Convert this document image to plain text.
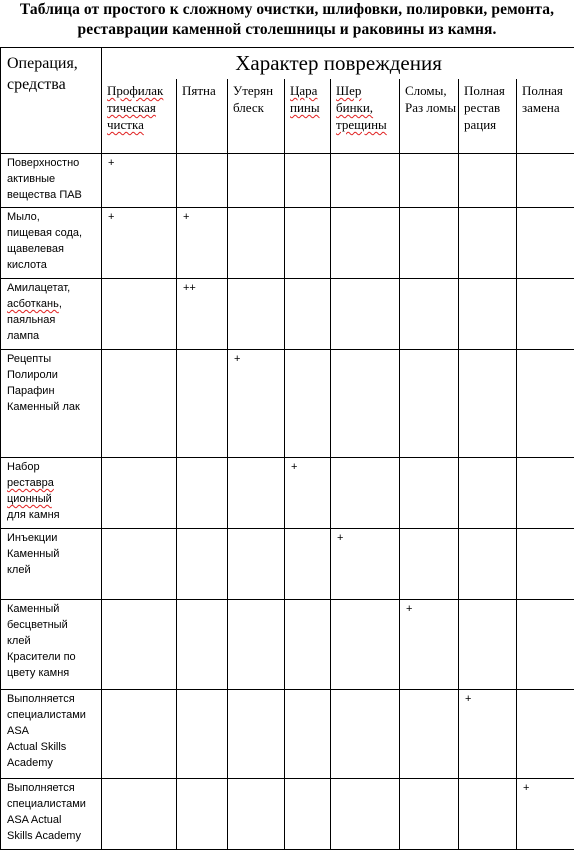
Таблица от простого к сложному очистки, шлифовки, полировки, ремонта, реставрации каменной столешницы и раковины из камня.
Операция, средства	Характер повреждения							
	Профилак тическая чистка	Пятна	Утерян блеск	Цара пины	Шер бинки, трещины	Сломы, Раз ломы	Полная рестав рация	Полная замена
Поверхностно
активные
вещества ПАВ	+							
Мыло,
пищевая сода,
щавелевая
кислота	+	+						
Амилацетат,
асботкань,
паяльная
лампа		++						
Рецепты
Полироли
Парафин
Каменный лак			+					
Набор
реставра
ционный
для камня				+				
Инъекции
Каменный
клей					+			
Каменный
бесцветный
клей
Красители по
цвету камня						+		
Выполняется
специалистами
ASA
Actual Skills
Academy							+	
Выполняется
специалистами
ASA Actual
Skills Academy								+
